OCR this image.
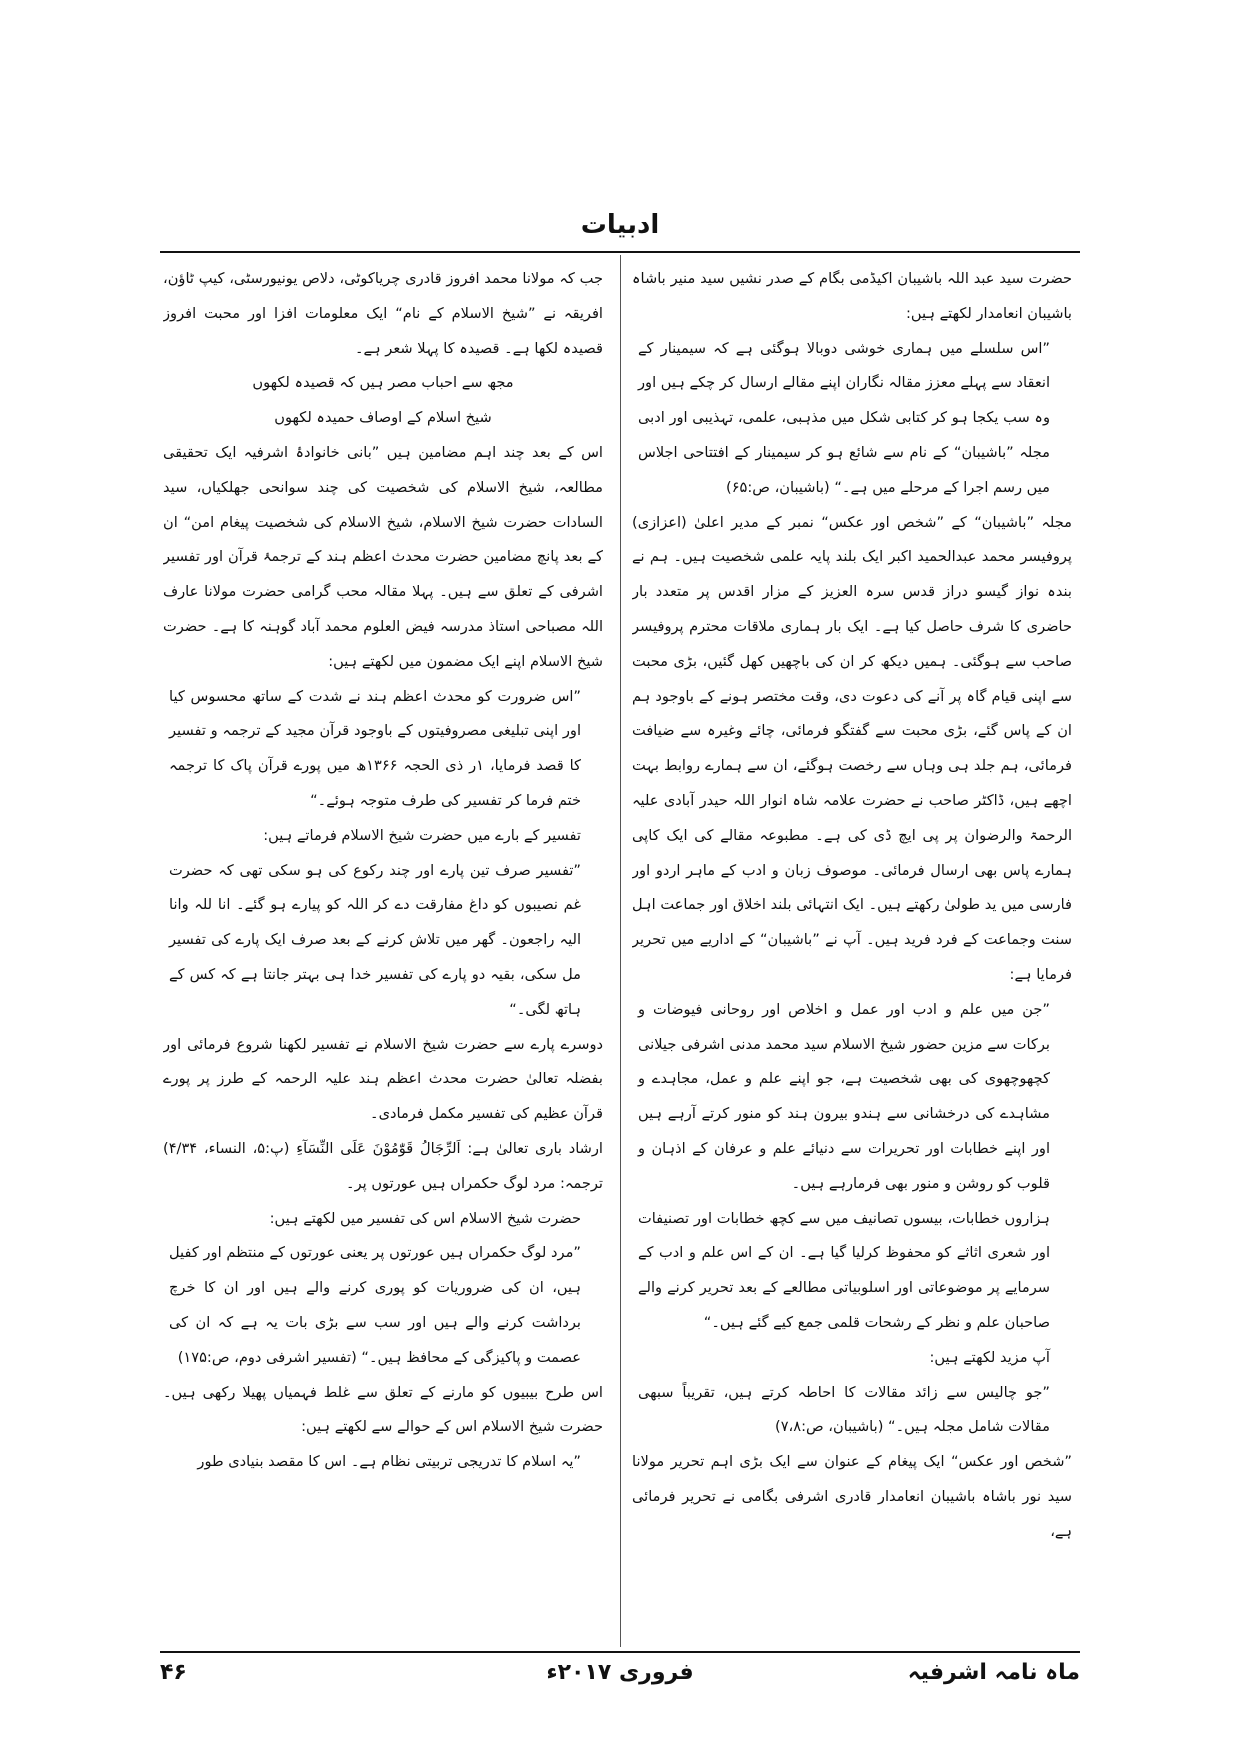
ادبیات

حضرت سید عبد اللہ باشیبان اکیڈمی بگام کے صدر نشیں سید منیر باشاہ باشیبان انعامدار لکھتے ہیں:

”اس سلسلے میں ہماری خوشی دوبالا ہوگئی ہے کہ سیمینار کے انعقاد سے پہلے معزز مقالہ نگاران اپنے مقالے ارسال کر چکے ہیں اور وہ سب یکجا ہو کر کتابی شکل میں مذہبی، علمی، تہذیبی اور ادبی مجلہ ”باشیبان“ کے نام سے شائع ہو کر سیمینار کے افتتاحی اجلاس میں رسم اجرا کے مرحلے میں ہے۔“ (باشیبان، ص:۶۵)

مجلہ ”باشیبان“ کے ”شخص اور عکس“ نمبر کے مدیر اعلیٰ (اعزازی) پروفیسر محمد عبدالحمید اکبر ایک بلند پایہ علمی شخصیت ہیں۔ ہم نے بندہ نواز گیسو دراز قدس سرہ العزیز کے مزار اقدس پر متعدد بار حاضری کا شرف حاصل کیا ہے۔ ایک بار ہماری ملاقات محترم پروفیسر صاحب سے ہوگئی۔ ہمیں دیکھ کر ان کی باچھیں کھل گئیں، بڑی محبت سے اپنی قیام گاہ پر آنے کی دعوت دی، وقت مختصر ہونے کے باوجود ہم ان کے پاس گئے، بڑی محبت سے گفتگو فرمائی، چائے وغیرہ سے ضیافت فرمائی، ہم جلد ہی وہاں سے رخصت ہوگئے، ان سے ہمارے روابط بہت اچھے ہیں، ڈاکٹر صاحب نے حضرت علامہ شاہ انوار اللہ حیدر آبادی علیہ الرحمۃ والرضوان پر پی ایچ ڈی کی ہے۔ مطبوعہ مقالے کی ایک کاپی ہمارے پاس بھی ارسال فرمائی۔ موصوف زبان و ادب کے ماہر اردو اور فارسی میں ید طولیٰ رکھتے ہیں۔ ایک انتہائی بلند اخلاق اور جماعت اہل سنت وجماعت کے فرد فرید ہیں۔ آپ نے ”باشیبان“ کے اداریے میں تحریر فرمایا ہے:

”جن میں علم و ادب اور عمل و اخلاص اور روحانی فیوضات و برکات سے مزین حضور شیخ الاسلام سید محمد مدنی اشرفی جیلانی کچھوچھوی کی بھی شخصیت ہے، جو اپنے علم و عمل، مجاہدے و مشاہدے کی درخشانی سے ہندو بیرون ہند کو منور کرتے آرہے ہیں اور اپنے خطابات اور تحریرات سے دنیائے علم و عرفان کے اذہان و قلوب کو روشن و منور بھی فرمارہے ہیں۔

ہزاروں خطابات، بیسوں تصانیف میں سے کچھ خطابات اور تصنیفات اور شعری اثاثے کو محفوظ کرلیا گیا ہے۔ ان کے اس علم و ادب کے سرمایے پر موضوعاتی اور اسلوبیاتی مطالعے کے بعد تحریر کرنے والے صاحبان علم و نظر کے رشحات قلمی جمع کیے گئے ہیں۔“

آپ مزید لکھتے ہیں:

”جو چالیس سے زائد مقالات کا احاطہ کرتے ہیں، تقریباً سبھی مقالات شامل مجلہ ہیں۔“ (باشیبان، ص:۷،۸)

”شخص اور عکس“ ایک پیغام کے عنوان سے ایک بڑی اہم تحریر مولانا سید نور باشاہ باشیبان انعامدار قادری اشرفی بگامی نے تحریر فرمائی ہے،

جب کہ مولانا محمد افروز قادری چریاکوٹی، دلاص یونیورسٹی، کیپ ٹاؤن، افریقہ نے ”شیخ الاسلام کے نام“ ایک معلومات افزا اور محبت افروز قصیدہ لکھا ہے۔ قصیدہ کا پہلا شعر ہے۔

مجھ سے احباب مصر ہیں کہ قصیدہ لکھوں

شیخ اسلام کے اوصاف حمیدہ لکھوں

اس کے بعد چند اہم مضامین ہیں ”بانی خانوادۂ اشرفیہ ایک تحقیقی مطالعہ، شیخ الاسلام کی شخصیت کی چند سوانحی جھلکیاں، سید السادات حضرت شیخ الاسلام، شیخ الاسلام کی شخصیت پیغام امن“ ان کے بعد پانچ مضامین حضرت محدث اعظم ہند کے ترجمۂ قرآن اور تفسیر اشرفی کے تعلق سے ہیں۔ پہلا مقالہ محب گرامی حضرت مولانا عارف اللہ مصباحی استاذ مدرسہ فیض العلوم محمد آباد گوہنہ کا ہے۔ حضرت شیخ الاسلام اپنے ایک مضمون میں لکھتے ہیں:

”اس ضرورت کو محدث اعظم ہند نے شدت کے ساتھ محسوس کیا اور اپنی تبلیغی مصروفیتوں کے باوجود قرآن مجید کے ترجمہ و تفسیر کا قصد فرمایا، ۱ر ذی الحجہ ۱۳۶۶ھ میں پورے قرآن پاک کا ترجمہ ختم فرما کر تفسیر کی طرف متوجہ ہوئے۔“

تفسیر کے بارے میں حضرت شیخ الاسلام فرماتے ہیں:

”تفسیر صرف تین پارے اور چند رکوع کی ہو سکی تھی کہ حضرت غم نصیبوں کو داغ مفارقت دے کر اللہ کو پیارے ہو گئے۔ انا للہ وانا الیہ راجعون۔ گھر میں تلاش کرنے کے بعد صرف ایک پارے کی تفسیر مل سکی، بقیہ دو پارے کی تفسیر خدا ہی بہتر جانتا ہے کہ کس کے ہاتھ لگی۔“

دوسرے پارے سے حضرت شیخ الاسلام نے تفسیر لکھنا شروع فرمائی اور بفضلہ تعالیٰ حضرت محدث اعظم ہند علیہ الرحمہ کے طرز پر پورے قرآن عظیم کی تفسیر مکمل فرمادی۔

ارشاد باری تعالیٰ ہے: اَلرِّجَالُ قَوّٰمُوْنَ عَلَى النِّسَآءِ (پ:۵، النساء، ۴/۳۴) ترجمہ: مرد لوگ حکمراں ہیں عورتوں پر۔

حضرت شیخ الاسلام اس کی تفسیر میں لکھتے ہیں:

”مرد لوگ حکمراں ہیں عورتوں پر یعنی عورتوں کے منتظم اور کفیل ہیں، ان کی ضروریات کو پوری کرنے والے ہیں اور ان کا خرچ برداشت کرنے والے ہیں اور سب سے بڑی بات یہ ہے کہ ان کی عصمت و پاکیزگی کے محافظ ہیں۔“ (تفسیر اشرفی دوم، ص:۱۷۵)

اس طرح بیبیوں کو مارنے کے تعلق سے غلط فہمیاں پھیلا رکھی ہیں۔ حضرت شیخ الاسلام اس کے حوالے سے لکھتے ہیں:

”یہ اسلام کا تدریجی تربیتی نظام ہے۔ اس کا مقصد بنیادی طور

ماہ نامہ اشرفیہ
فروری ۲۰۱۷ء
۴۶
